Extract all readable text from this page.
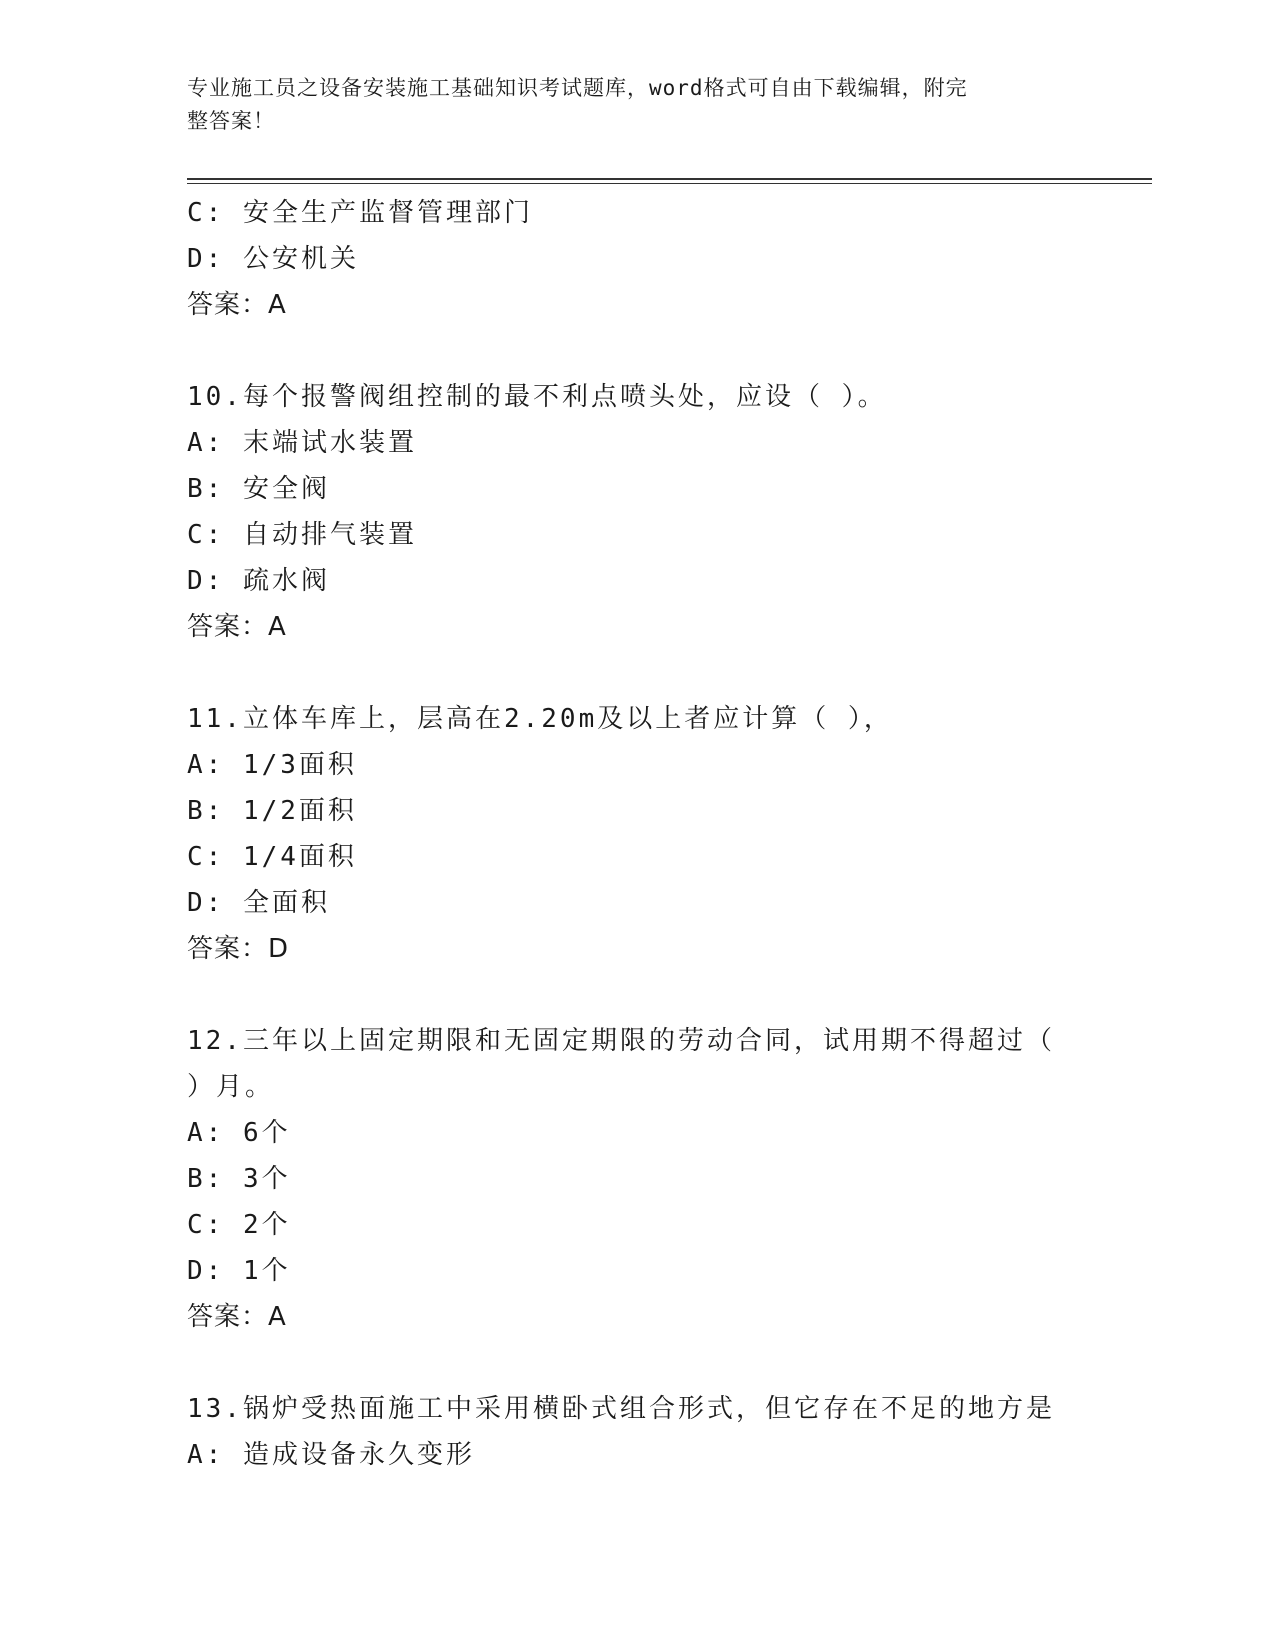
专业施工员之设备安装施工基础知识考试题库，word格式可自由下载编辑，附完
整答案！
C: 安全生产监督管理部门
D: 公安机关
答案：A
10.每个报警阀组控制的最不利点喷头处，应设（ ）。
A: 末端试水装置
B: 安全阀
C: 自动排气装置
D: 疏水阀
答案：A
11.立体车库上，层高在2.20m及以上者应计算（ ），
A: 1/3面积
B: 1/2面积
C: 1/4面积
D: 全面积
答案：D
12.三年以上固定期限和无固定期限的劳动合同，试用期不得超过（
）月。
A: 6个
B: 3个
C: 2个
D: 1个
答案：A
13.锅炉受热面施工中采用横卧式组合形式，但它存在不足的地方是
A: 造成设备永久变形
